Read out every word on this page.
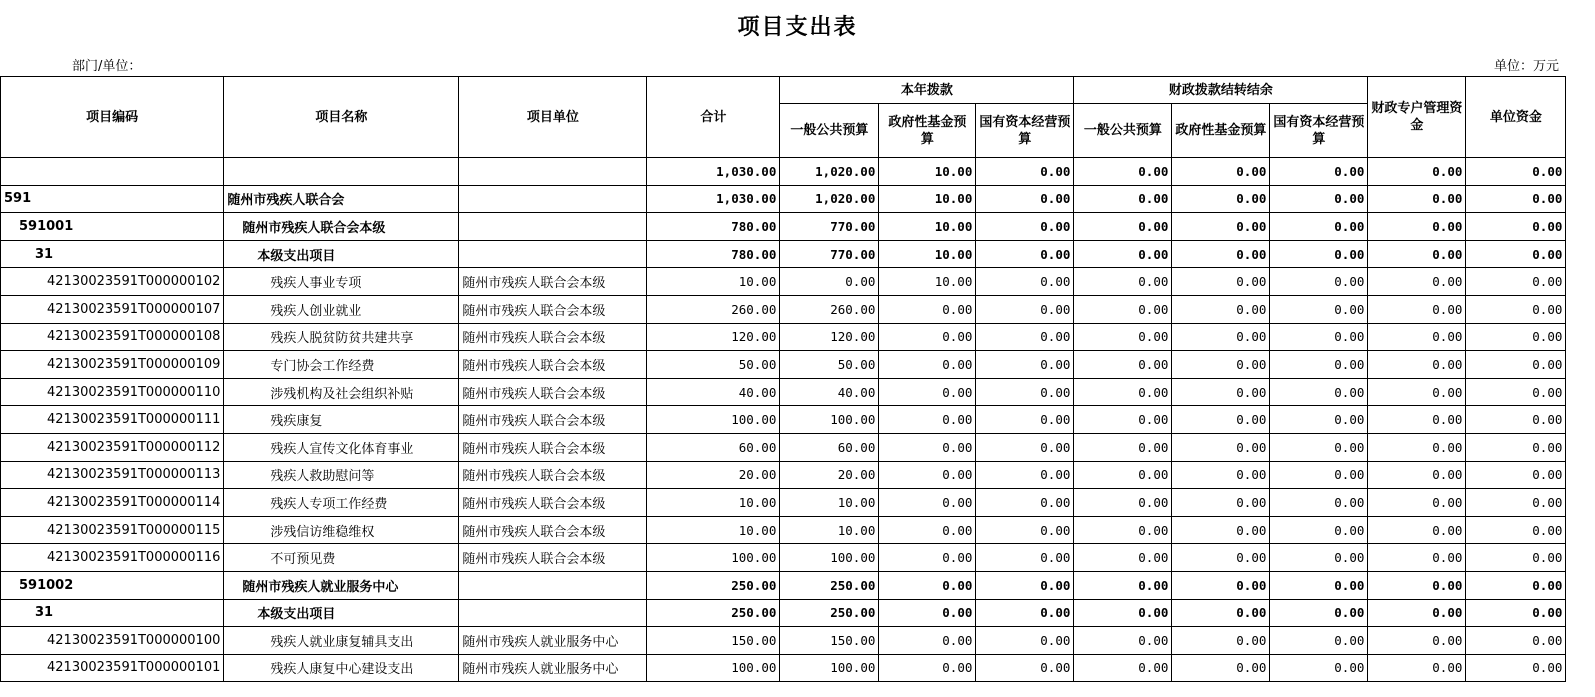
项目支出表
部门/单位：	单位：万元
项目编码	项目名称	项目单位	合计	本年拨款			财政拨款结转结余			财政专户管理资金	单位资金
				一般公共预算	政府性基金预算	国有资本经营预算	一般公共预算	政府性基金预算	国有资本经营预算		
			1,030.00	1,020.00	10.00	0.00	0.00	0.00	0.00	0.00	0.00
591	随州市残疾人联合会		1,030.00	1,020.00	10.00	0.00	0.00	0.00	0.00	0.00	0.00
591001	随州市残疾人联合会本级		780.00	770.00	10.00	0.00	0.00	0.00	0.00	0.00	0.00
31	本级支出项目		780.00	770.00	10.00	0.00	0.00	0.00	0.00	0.00	0.00
42130023591T000000102	残疾人事业专项	随州市残疾人联合会本级	10.00	0.00	10.00	0.00	0.00	0.00	0.00	0.00	0.00
42130023591T000000107	残疾人创业就业	随州市残疾人联合会本级	260.00	260.00	0.00	0.00	0.00	0.00	0.00	0.00	0.00
42130023591T000000108	残疾人脱贫防贫共建共享	随州市残疾人联合会本级	120.00	120.00	0.00	0.00	0.00	0.00	0.00	0.00	0.00
42130023591T000000109	专门协会工作经费	随州市残疾人联合会本级	50.00	50.00	0.00	0.00	0.00	0.00	0.00	0.00	0.00
42130023591T000000110	涉残机构及社会组织补贴	随州市残疾人联合会本级	40.00	40.00	0.00	0.00	0.00	0.00	0.00	0.00	0.00
42130023591T000000111	残疾康复	随州市残疾人联合会本级	100.00	100.00	0.00	0.00	0.00	0.00	0.00	0.00	0.00
42130023591T000000112	残疾人宣传文化体育事业	随州市残疾人联合会本级	60.00	60.00	0.00	0.00	0.00	0.00	0.00	0.00	0.00
42130023591T000000113	残疾人救助慰问等	随州市残疾人联合会本级	20.00	20.00	0.00	0.00	0.00	0.00	0.00	0.00	0.00
42130023591T000000114	残疾人专项工作经费	随州市残疾人联合会本级	10.00	10.00	0.00	0.00	0.00	0.00	0.00	0.00	0.00
42130023591T000000115	涉残信访维稳维权	随州市残疾人联合会本级	10.00	10.00	0.00	0.00	0.00	0.00	0.00	0.00	0.00
42130023591T000000116	不可预见费	随州市残疾人联合会本级	100.00	100.00	0.00	0.00	0.00	0.00	0.00	0.00	0.00
591002	随州市残疾人就业服务中心		250.00	250.00	0.00	0.00	0.00	0.00	0.00	0.00	0.00
31	本级支出项目		250.00	250.00	0.00	0.00	0.00	0.00	0.00	0.00	0.00
42130023591T000000100	残疾人就业康复辅具支出	随州市残疾人就业服务中心	150.00	150.00	0.00	0.00	0.00	0.00	0.00	0.00	0.00
42130023591T000000101	残疾人康复中心建设支出	随州市残疾人就业服务中心	100.00	100.00	0.00	0.00	0.00	0.00	0.00	0.00	0.00
